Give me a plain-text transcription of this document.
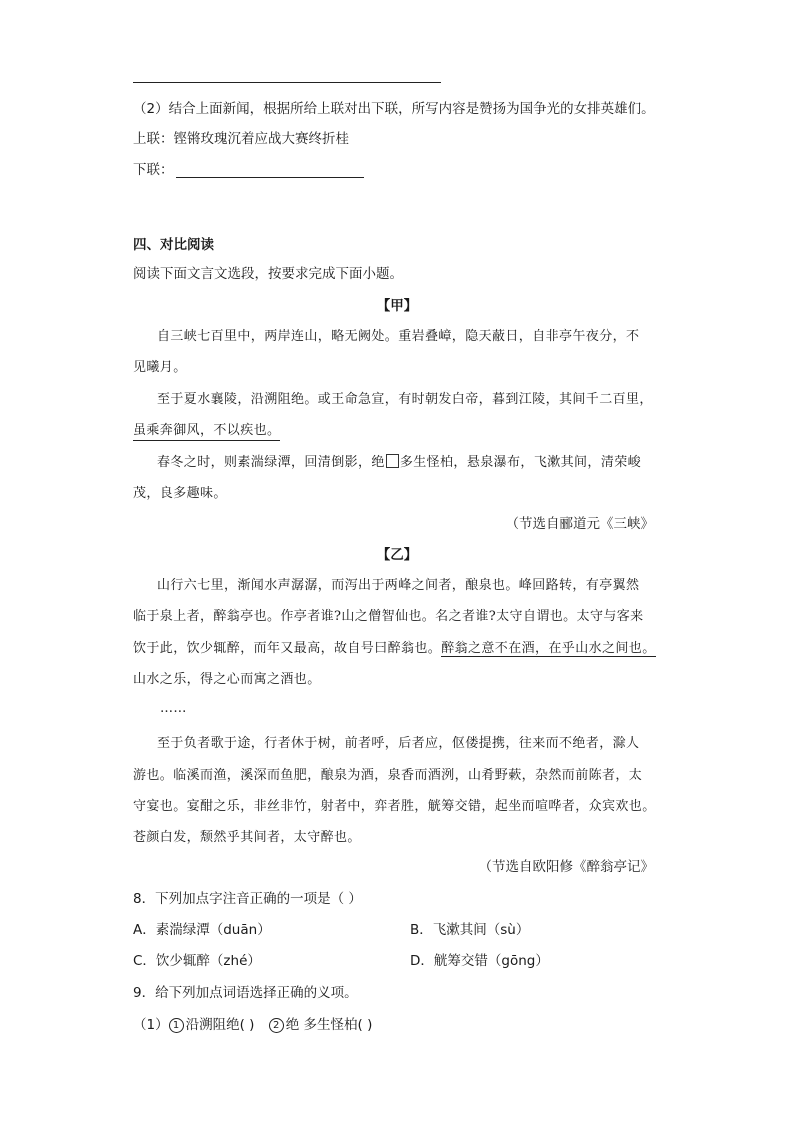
（2）结合上面新闻，根据所给上联对出下联，所写内容是赞扬为国争光的女排英雄们。
上联：铿锵玫瑰沉着应战大赛终折桂
下联：
四、对比阅读
阅读下面文言文选段，按要求完成下面小题。
【甲】
自三峡七百里中，两岸连山，略无阙处。重岩叠嶂，隐天蔽日，自非亭午夜分，不
见曦月。
至于夏水襄陵，沿溯阻绝。或王命急宣，有时朝发白帝，暮到江陵，其间千二百里，
虽乘奔御风，不以疾也。
春冬之时，则素湍绿潭，回清倒影，绝 多生怪柏，悬泉瀑布，飞漱其间，清荣峻
茂，良多趣味。
（节选自郦道元《三峡》
【乙】
山行六七里，渐闻水声潺潺，而泻出于两峰之间者，酿泉也。峰回路转，有亭翼然
临于泉上者，醉翁亭也。作亭者谁?山之僧智仙也。名之者谁?太守自谓也。太守与客来
饮于此，饮少辄醉，而年又最高，故自号曰醉翁也。醉翁之意不在酒，在乎山水之间也。
山水之乐，得之心而寓之酒也。
……
至于负者歌于途，行者休于树，前者呼，后者应，伛偻提携，往来而不绝者，滁人
游也。临溪而渔，溪深而鱼肥，酿泉为酒，泉香而酒洌，山肴野蔌，杂然而前陈者，太
守宴也。宴酣之乐，非丝非竹，射者中，弈者胜，觥筹交错，起坐而喧哗者，众宾欢也。
苍颜白发，颓然乎其间者，太守醉也。
（节选自欧阳修《醉翁亭记》
8．下列加点字注音正确的一项是（ ）
A．素湍绿潭（duān）	B．飞漱其间（sù）
C．饮少辄醉（zhé）	D．觥筹交错（gōng）
9．给下列加点词语选择正确的义项。
（1） 1 沿溯阻绝( ) 2 绝 多生怪柏( )
